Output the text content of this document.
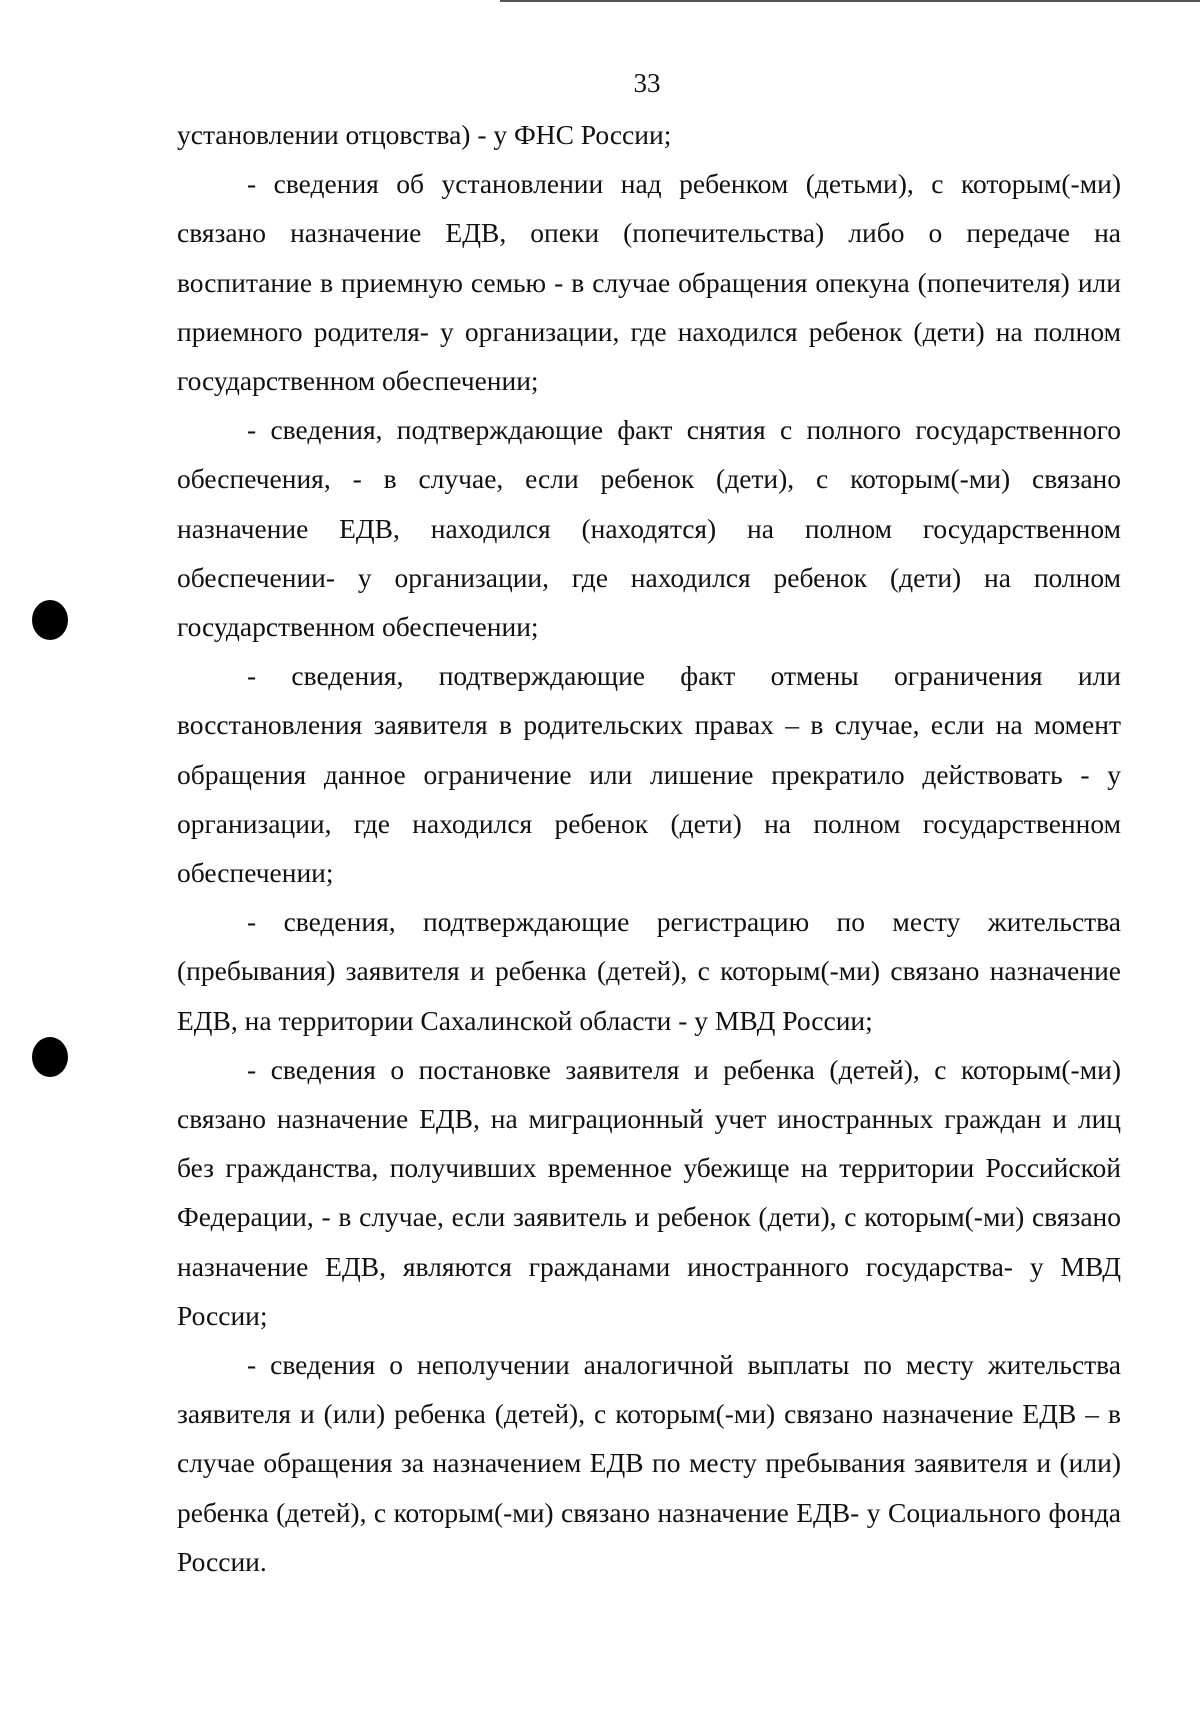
33

установлении отцовства) - у ФНС России;

- сведения об установлении над ребенком (детьми), с которым(-ми) связано назначение ЕДВ, опеки (попечительства) либо о передаче на воспитание в приемную семью - в случае обращения опекуна (попечителя) или приемного родителя- у организации, где находился ребенок (дети) на полном государственном обеспечении;

- сведения, подтверждающие факт снятия с полного государственного обеспечения, - в случае, если ребенок (дети), с которым(-ми) связано назначение ЕДВ, находился (находятся) на полном государственном обеспечении- у организации, где находился ребенок (дети) на полном государственном обеспечении;

- сведения, подтверждающие факт отмены ограничения или восстановления заявителя в родительских правах – в случае, если на момент обращения данное ограничение или лишение прекратило действовать - у организации, где находился ребенок (дети) на полном государственном обеспечении;

- сведения, подтверждающие регистрацию по месту жительства (пребывания) заявителя и ребенка (детей), с которым(-ми) связано назначение ЕДВ, на территории Сахалинской области - у МВД России;

- сведения о постановке заявителя и ребенка (детей), с которым(-ми) связано назначение ЕДВ, на миграционный учет иностранных граждан и лиц без гражданства, получивших временное убежище на территории Российской Федерации, - в случае, если заявитель и ребенок (дети), с которым(-ми) связано назначение ЕДВ, являются гражданами иностранного государства- у МВД России;

- сведения о неполучении аналогичной выплаты по месту жительства заявителя и (или) ребенка (детей), с которым(-ми) связано назначение ЕДВ – в случае обращения за назначением ЕДВ по месту пребывания заявителя и (или) ребенка (детей), с которым(-ми) связано назначение ЕДВ- у Социального фонда России.
